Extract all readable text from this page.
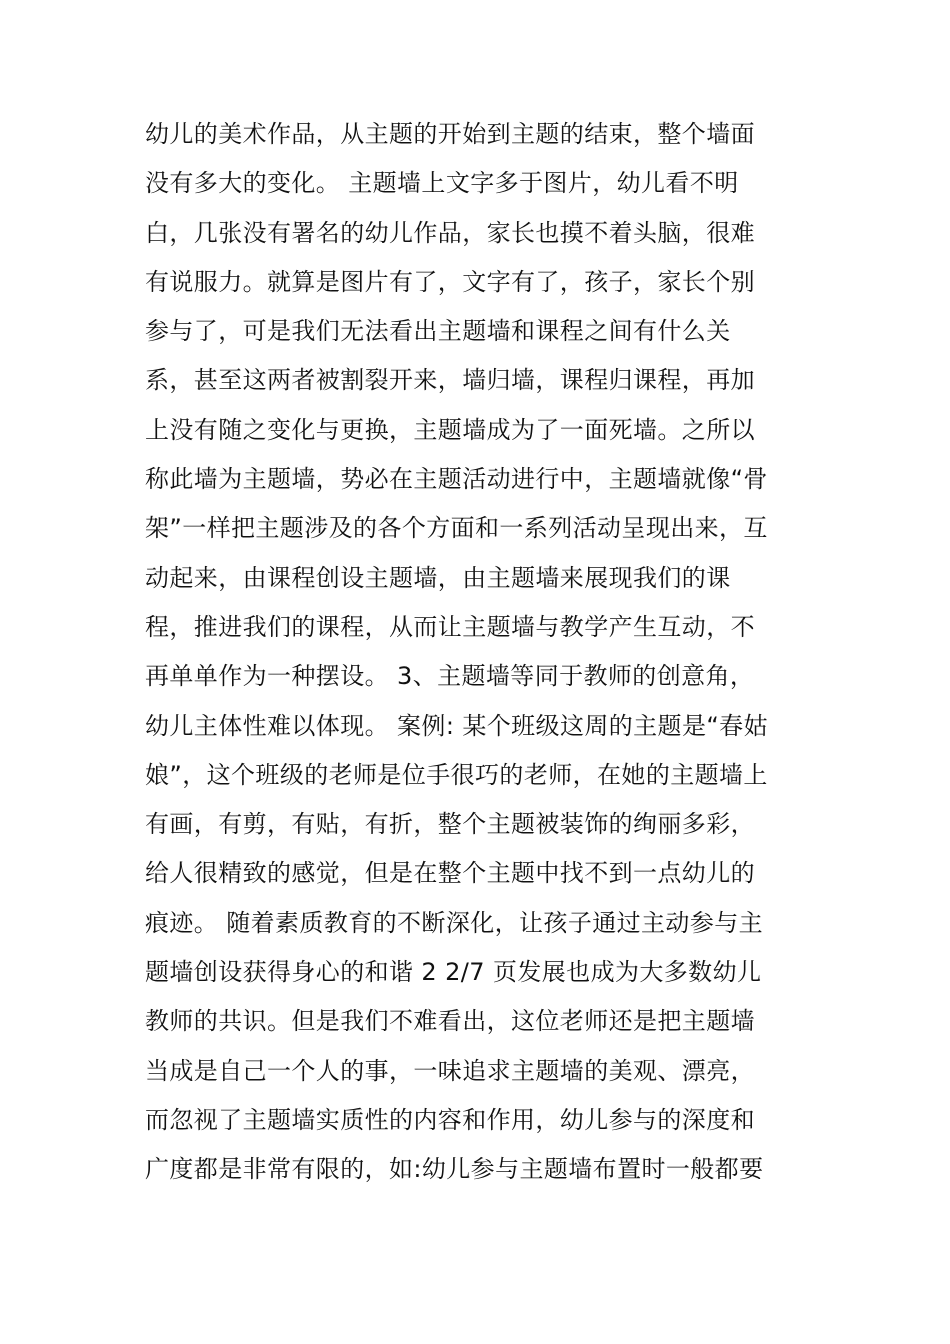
幼儿的美术作品，从主题的开始到主题的结束，整个墙面
没有多大的变化。 主题墙上文字多于图片，幼儿看不明
白，几张没有署名的幼儿作品，家长也摸不着头脑，很难
有说服力。就算是图片有了，文字有了，孩子，家长个别
参与了，可是我们无法看出主题墙和课程之间有什么关
系，甚至这两者被割裂开来，墙归墙，课程归课程，再加
上没有随之变化与更换，主题墙成为了一面死墙。之所以
称此墙为主题墙，势必在主题活动进行中，主题墙就像“骨
架”一样把主题涉及的各个方面和一系列活动呈现出来，互
动起来，由课程创设主题墙，由主题墙来展现我们的课
程，推进我们的课程，从而让主题墙与教学产生互动，不
再单单作为一种摆设。 3、主题墙等同于教师的创意角，
幼儿主体性难以体现。 案例: 某个班级这周的主题是“春姑
娘”，这个班级的老师是位手很巧的老师，在她的主题墙上
有画，有剪，有贴，有折，整个主题被装饰的绚丽多彩，
给人很精致的感觉，但是在整个主题中找不到一点幼儿的
痕迹。 随着素质教育的不断深化，让孩子通过主动参与主
题墙创设获得身心的和谐 2 2/7 页发展也成为大多数幼儿
教师的共识。但是我们不难看出，这位老师还是把主题墙
当成是自己一个人的事，一味追求主题墙的美观、漂亮，
而忽视了主题墙实质性的内容和作用，幼儿参与的深度和
广度都是非常有限的，如:幼儿参与主题墙布置时一般都要
